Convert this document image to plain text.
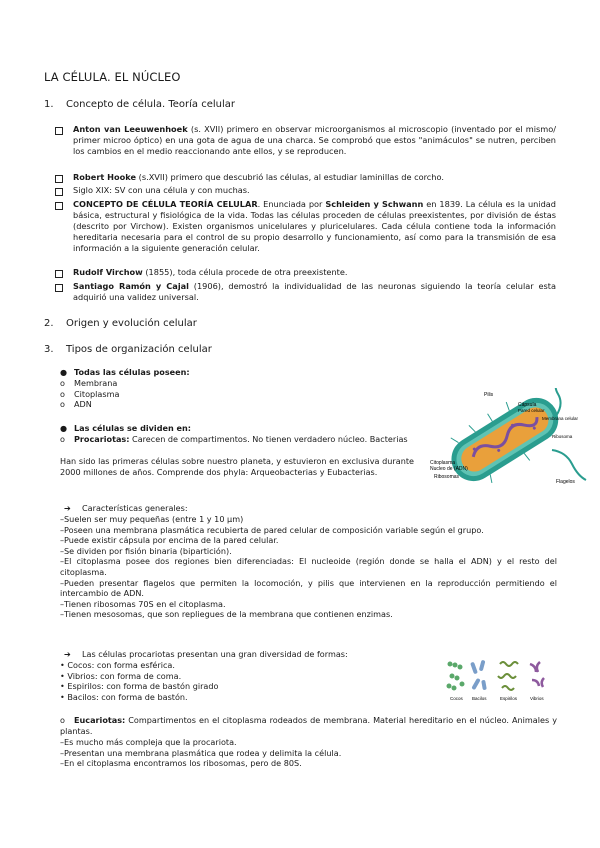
LA CÉLULA. EL NÚCLEO
1. Concepto de célula. Teoría celular
Anton van Leeuwenhoek (s. XVII) primero en observar microorganismos al microscopio (inventado por el mismo/ primer microo óptico) en una gota de agua de una charca. Se comprobó que estos "animáculos" se nutren, perciben los cambios en el medio reaccionando ante ellos, y se reproducen.
Robert Hooke (s.XVII) primero que descubrió las células, al estudiar laminillas de corcho.
Siglo XIX: SV con una célula y con muchas.
CONCEPTO DE CÉLULA TEORÍA CELULAR. Enunciada por Schleiden y Schwann en 1839. La célula es la unidad básica, estructural y fisiológica de la vida. Todas las células proceden de células preexistentes, por división de éstas (descrito por Virchow). Existen organismos unicelulares y pluricelulares. Cada célula contiene toda la información hereditaria necesaria para el control de su propio desarrollo y funcionamiento, así como para la transmisión de esa información a la siguiente generación celular.
Rudolf Virchow (1855), toda célula procede de otra preexistente.
Santiago Ramón y Cajal (1906), demostró la individualidad de las neuronas siguiendo la teoría celular esta adquirió una validez universal.
2. Origen y evolución celular
3. Tipos de organización celular
● Todas las células poseen:
o Membrana
o Citoplasma
o ADN
● Las células se dividen en:
o Procariotas: Carecen de compartimentos. No tienen verdadero núcleo. Bacterias
Han sido las primeras células sobre nuestro planeta, y estuvieron en exclusiva durante 2000 millones de años. Comprende dos phyla: Arqueobacterias y Eubacterias.
Pilis
Cápsula
Pared celular
Membrana celular
Ribosoma
Citoplasma
Nucleo de (ADN)
Ribosomas
Flagelos
➔ Características generales:
–Suelen ser muy pequeñas (entre 1 y 10 µm)
–Poseen una membrana plasmática recubierta de pared celular de composición variable según el grupo.
–Puede existir cápsula por encima de la pared celular.
–Se dividen por fisión binaria (bipartición).
–El citoplasma posee dos regiones bien diferenciadas: El nucleoide (región donde se halla el ADN) y el resto del citoplasma.
–Pueden presentar flagelos que permiten la locomoción, y pilis que intervienen en la reproducción permitiendo el intercambio de ADN.
–Tienen ribosomas 70S en el citoplasma.
–Tienen mesosomas, que son repliegues de la membrana que contienen enzimas.
➔ Las células procariotas presentan una gran diversidad de formas:
• Cocos: con forma esférica.
• Vibrios: con forma de coma.
• Espirilos: con forma de bastón girado
• Bacilos: con forma de bastón.	Cocos Bacilos	Espirilos	Vibrios
o Eucariotas: Compartimentos en el citoplasma rodeados de membrana. Material hereditario en el núcleo. Animales y plantas.
–Es mucho más compleja que la procariota.
–Presentan una membrana plasmática que rodea y delimita la célula.
–En el citoplasma encontramos los ribosomas, pero de 80S.
